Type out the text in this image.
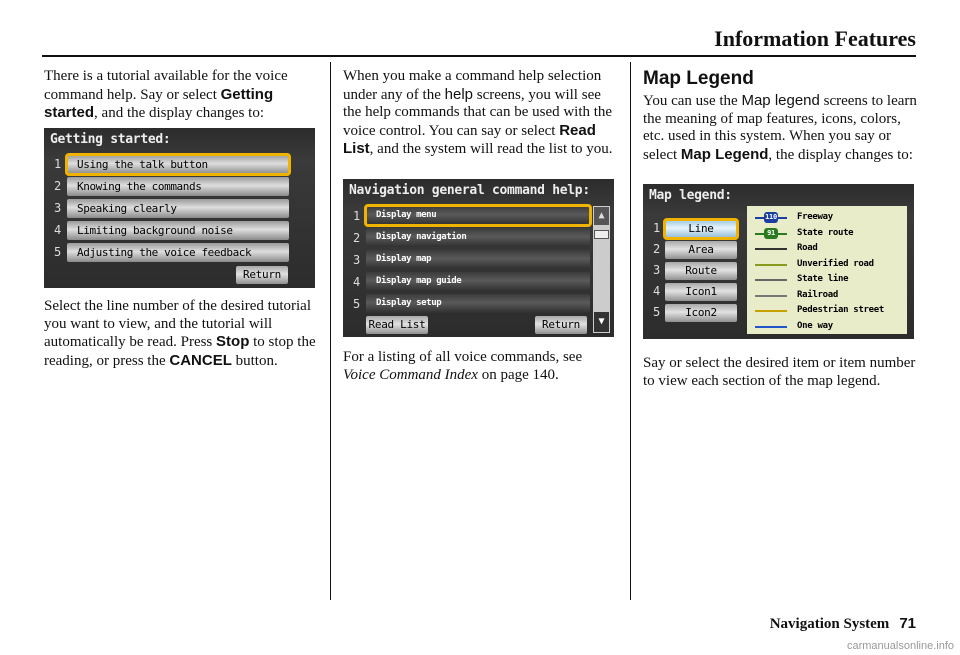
Information Features

There is a tutorial available for the voice command help. Say or select Getting started, and the display changes to:

Getting started:
1
2
3
4
5
Using the talk button
Knowing the commands
Speaking clearly
Limiting background noise
Adjusting the voice feedback
Return

Select the line number of the desired tutorial you want to view, and the tutorial will automatically be read. Press Stop to stop the reading, or press the CANCEL button.

When you make a command help selection under any of the help screens, you will see the help commands that can be used with the voice control. You can say or select Read List, and the system will read the list to you.

Navigation general command help:
1
2
3
4
5
Display menu
Display navigation
Display map
Display map guide
Display setup
▲
▼
Read List	Return

For a listing of all voice commands, see Voice Command Index on page 140.

Map Legend

You can use the Map legend screens to learn the meaning of map features, icons, colors, etc. used in this system. When you say or select Map Legend, the display changes to:

Map legend:
1
2
3
4
5
Line
Area
Route
Icon1
Icon2
110 Freeway
91	State route
Road
Unverified road
State line
Railroad
Pedestrian street
One way

Say or select the desired item or item number to view each section of the map legend.

Navigation System 71
carmanualsonline.info
